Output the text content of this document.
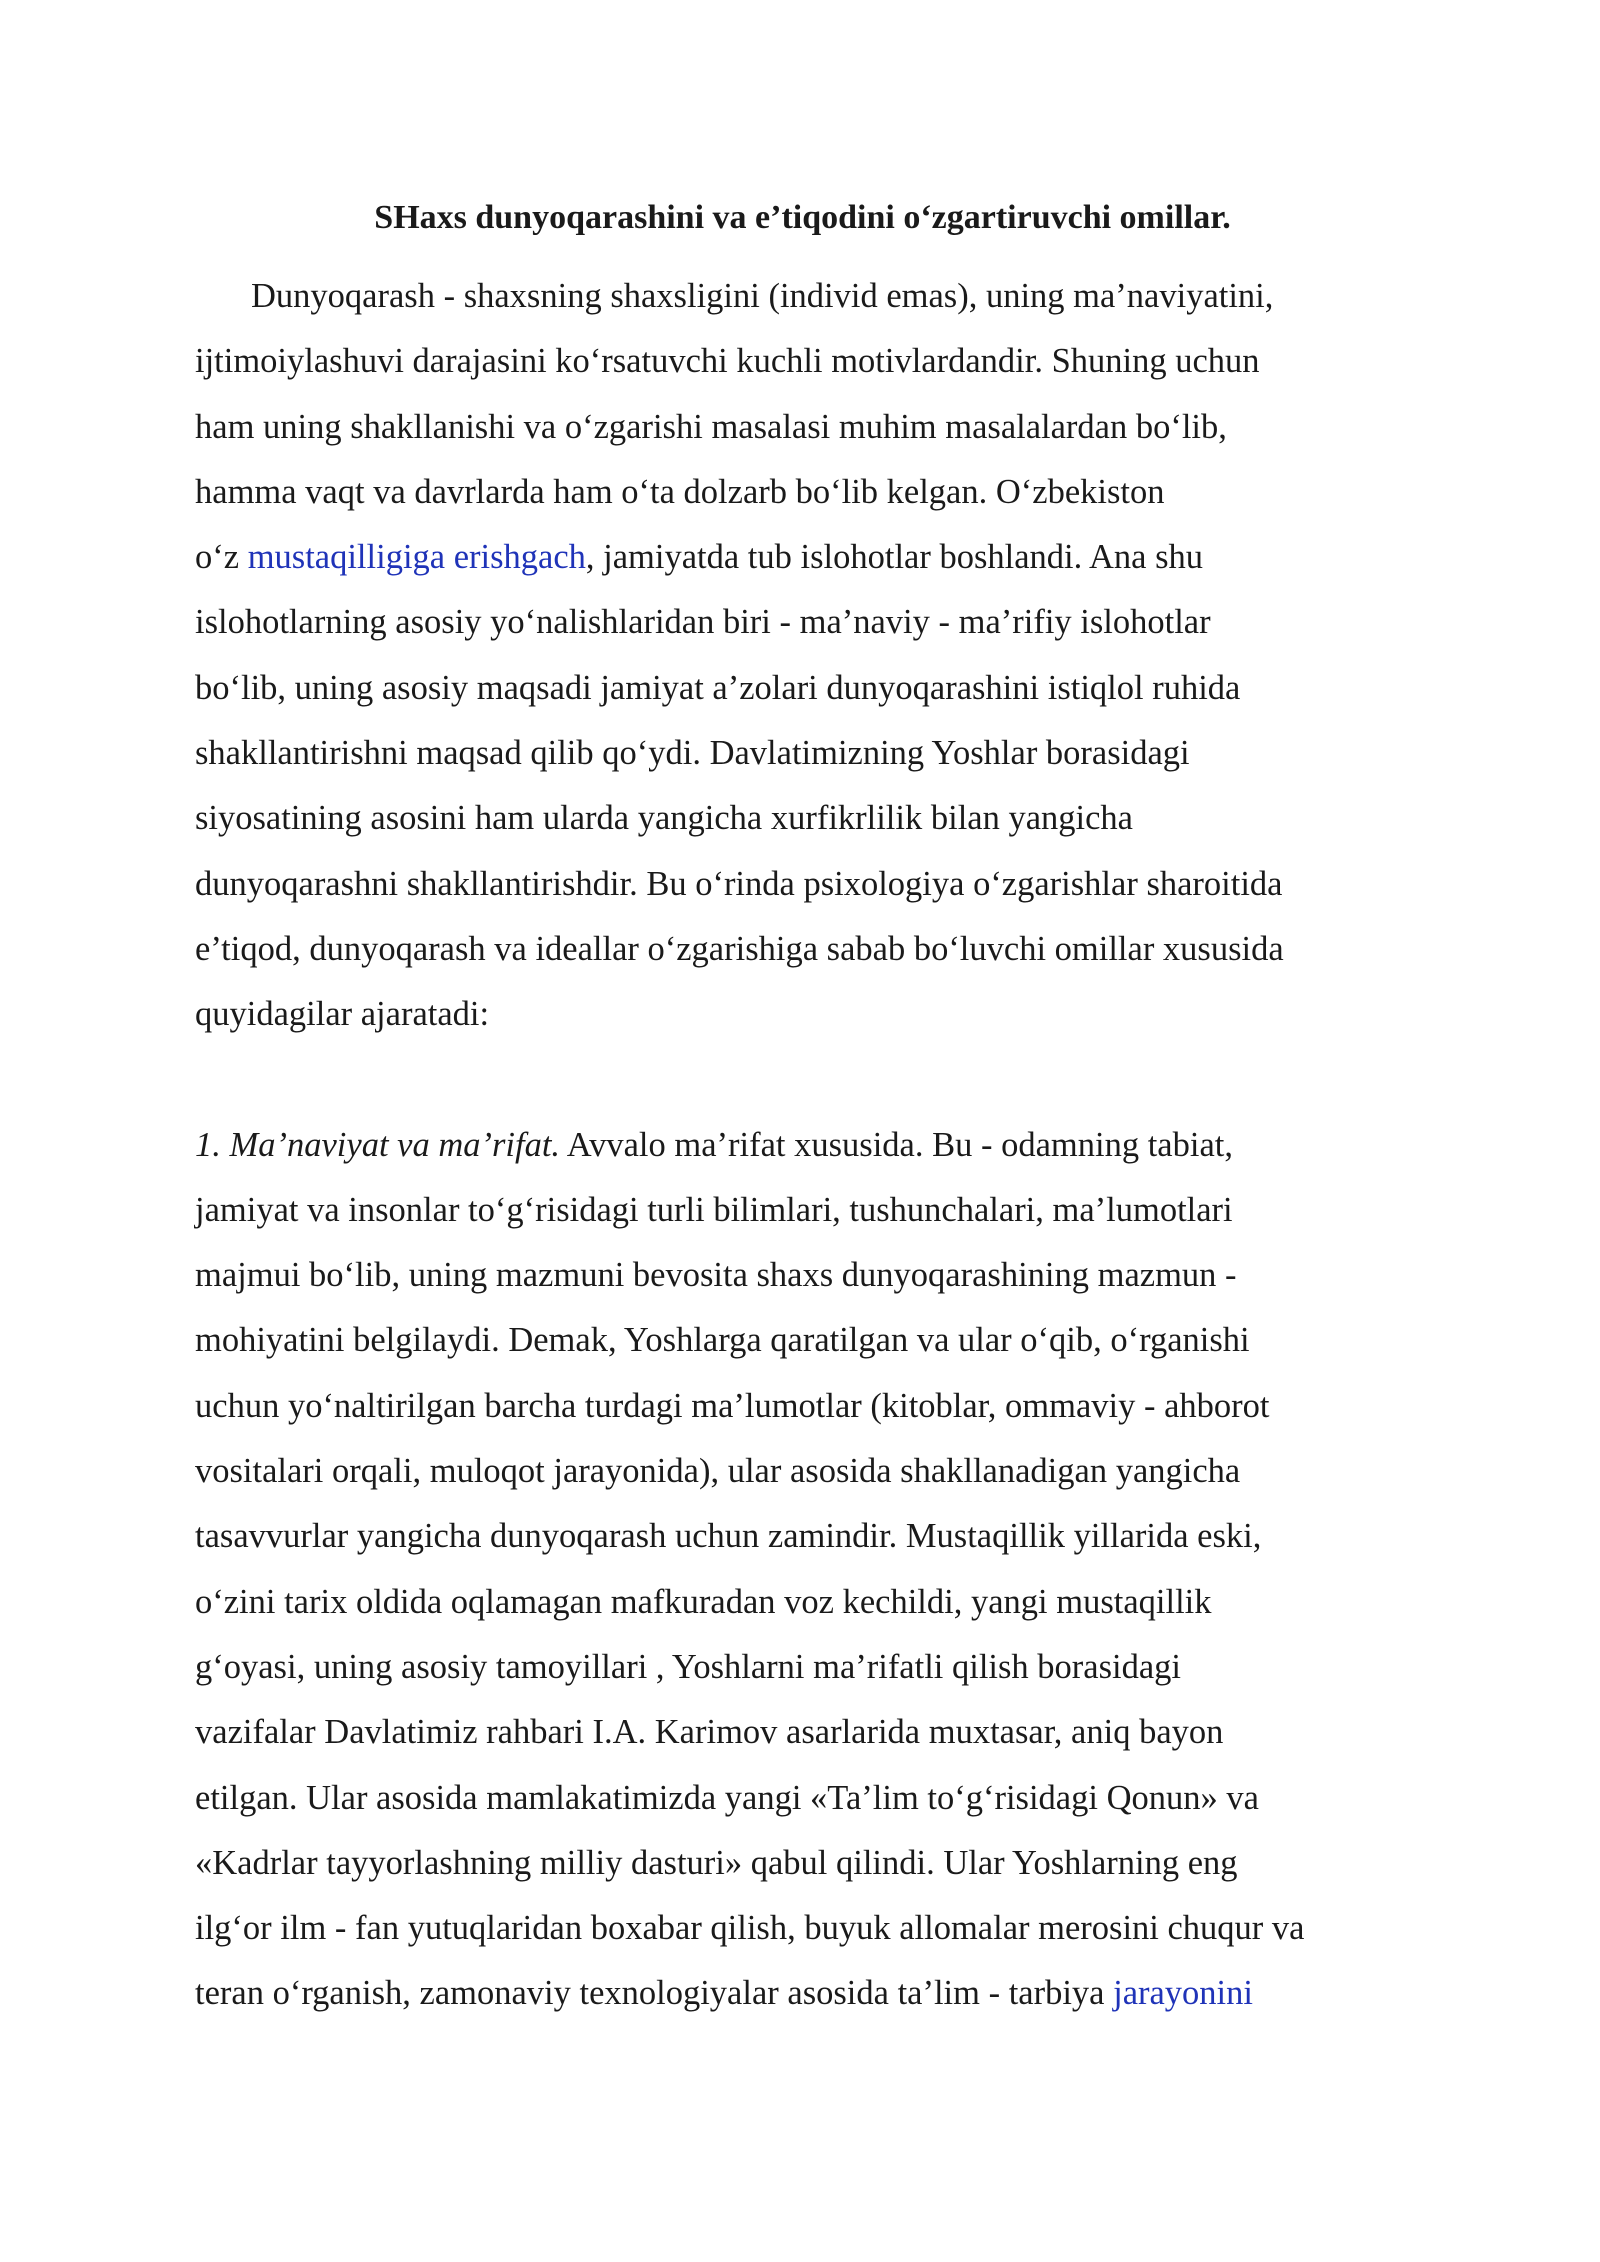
SHaxs dunyoqarashini va e’tiqodini o‘zgartiruvchi omillar.

Dunyoqarash - shaxsning shaxsligini (individ emas), uning ma’naviyatini,

ijtimoiylashuvi darajasini ko‘rsatuvchi kuchli motivlardandir. Shuning uchun

ham uning shakllanishi va o‘zgarishi masalasi muhim masalalardan bo‘lib,

hamma vaqt va davrlarda ham o‘ta dolzarb bo‘lib kelgan. O‘zbekiston

o‘z mustaqilligiga erishgach, jamiyatda tub islohotlar boshlandi. Ana shu

islohotlarning asosiy yo‘nalishlaridan biri - ma’naviy - ma’rifiy islohotlar

bo‘lib, uning asosiy maqsadi jamiyat a’zolari dunyoqarashini istiqlol ruhida

shakllantirishni maqsad qilib qo‘ydi. Davlatimizning Yoshlar borasidagi

siyosatining asosini ham ularda yangicha xurfikrlilik bilan yangicha

dunyoqarashni shakllantirishdir. Bu o‘rinda psixologiya o‘zgarishlar sharoitida

e’tiqod, dunyoqarash va ideallar o‘zgarishiga sabab bo‘luvchi omillar xususida

quyidagilar ajaratadi:

1. Ma’naviyat va ma’rifat. Avvalo ma’rifat xususida. Bu - odamning tabiat,

jamiyat va insonlar to‘g‘risidagi turli bilimlari, tushunchalari, ma’lumotlari

majmui bo‘lib, uning mazmuni bevosita shaxs dunyoqarashining mazmun -

mohiyatini belgilaydi. Demak, Yoshlarga qaratilgan va ular o‘qib, o‘rganishi

uchun yo‘naltirilgan barcha turdagi ma’lumotlar (kitoblar, ommaviy - ahborot

vositalari orqali, muloqot jarayonida), ular asosida shakllanadigan yangicha

tasavvurlar yangicha dunyoqarash uchun zamindir. Mustaqillik yillarida eski,

o‘zini tarix oldida oqlamagan mafkuradan voz kechildi, yangi mustaqillik

g‘oyasi, uning asosiy tamoyillari , Yoshlarni ma’rifatli qilish borasidagi

vazifalar Davlatimiz rahbari I.A. Karimov asarlarida muxtasar, aniq bayon

etilgan. Ular asosida mamlakatimizda yangi «Ta’lim to‘g‘risidagi Qonun» va

«Kadrlar tayyorlashning milliy dasturi» qabul qilindi. Ular Yoshlarning eng

ilg‘or ilm - fan yutuqlaridan boxabar qilish, buyuk allomalar merosini chuqur va

teran o‘rganish, zamonaviy texnologiyalar asosida ta’lim - tarbiya jarayonini
